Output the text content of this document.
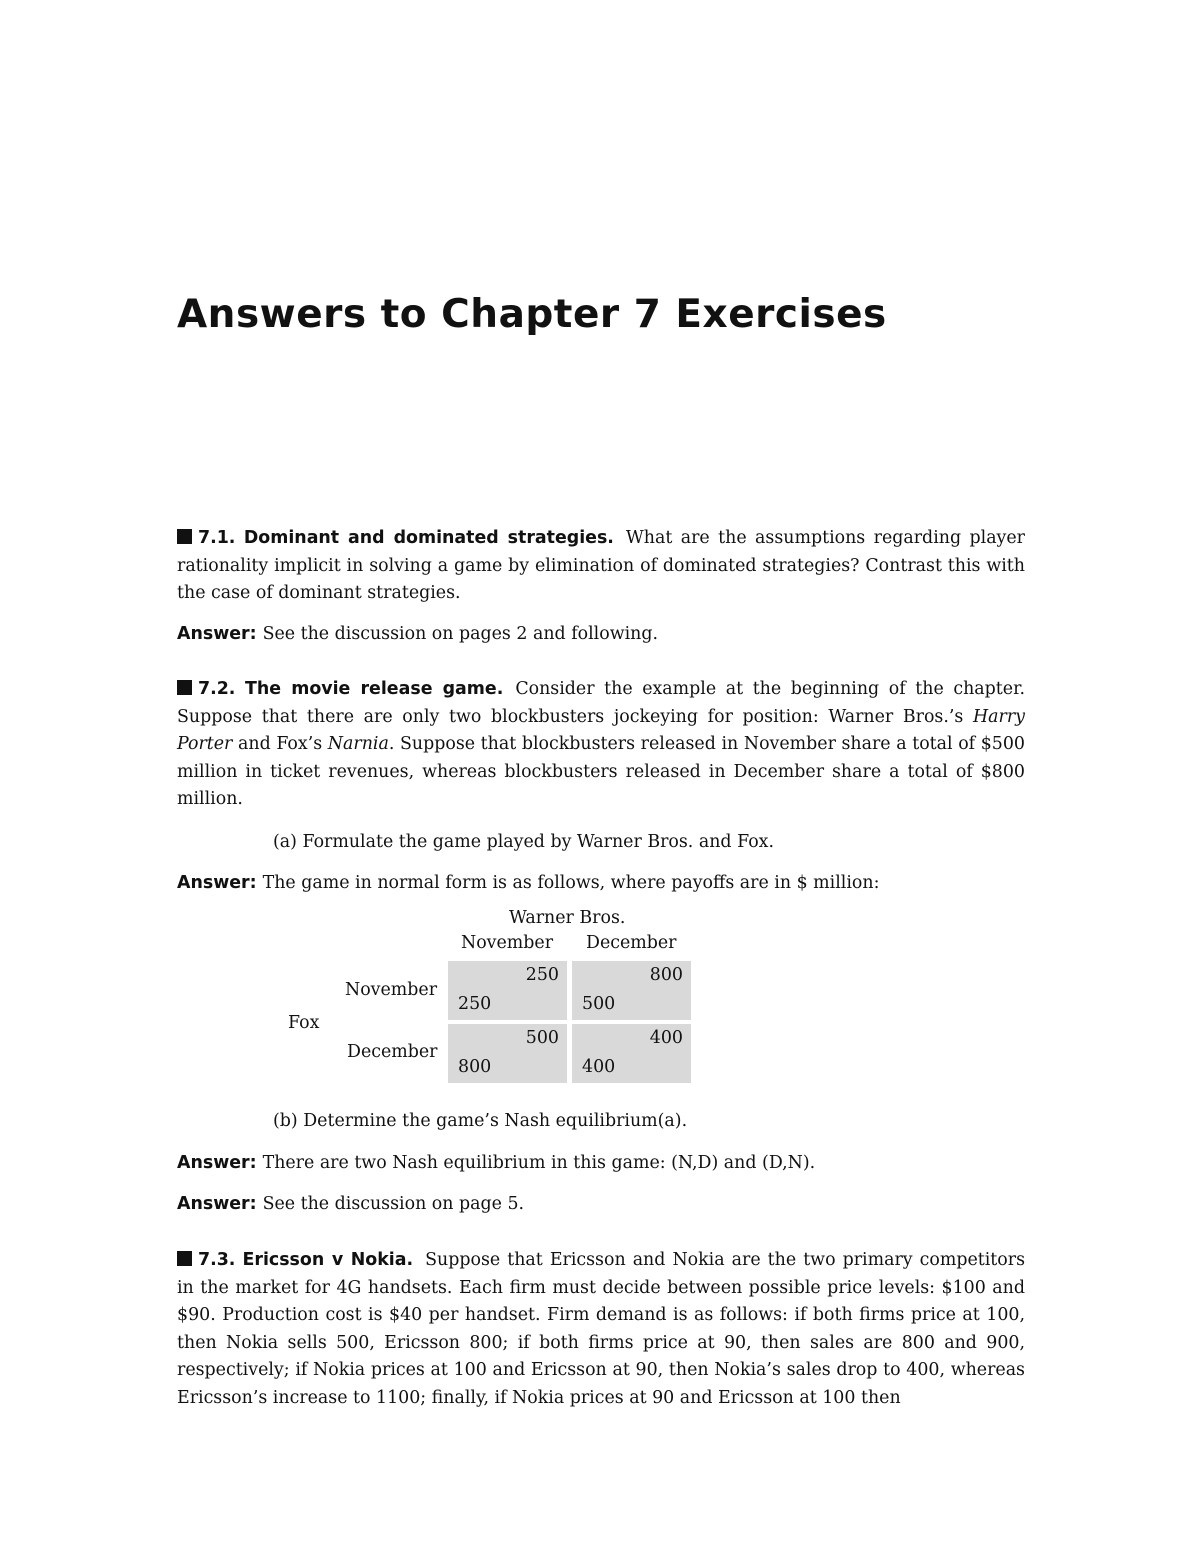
Answers to Chapter 7 Exercises

7.1. Dominant and dominated strategies. What are the assumptions regarding player rationality implicit in solving a game by elimination of dominated strategies? Contrast this with the case of dominant strategies.

Answer: See the discussion on pages 2 and following.

7.2. The movie release game. Consider the example at the beginning of the chapter. Suppose that there are only two blockbusters jockeying for position: Warner Bros.’s Harry Porter and Fox’s Narnia. Suppose that blockbusters released in November share a total of $500 million in ticket revenues, whereas blockbusters released in December share a total of $800 million.

(a) Formulate the game played by Warner Bros. and Fox.

Answer: The game in normal form is as follows, where payoffs are in $ million:

(b) Determine the game’s Nash equilibrium(a).

Answer: There are two Nash equilibrium in this game: (N,D) and (D,N).

Answer: See the discussion on page 5.

7.3. Ericsson v Nokia. Suppose that Ericsson and Nokia are the two primary competitors in the market for 4G handsets. Each firm must decide between possible price levels: $100 and $90. Production cost is $40 per handset. Firm demand is as follows: if both firms price at 100, then Nokia sells 500, Ericsson 800; if both firms price at 90, then sales are 800 and 900, respectively; if Nokia prices at 100 and Ericsson at 90, then Nokia’s sales drop to 400, whereas Ericsson’s increase to 1100; finally, if Nokia prices at 90 and Ericsson at 100 then

Warner Bros.
November December
Fox
November
December
250
250
800
500
500
800
400
400
